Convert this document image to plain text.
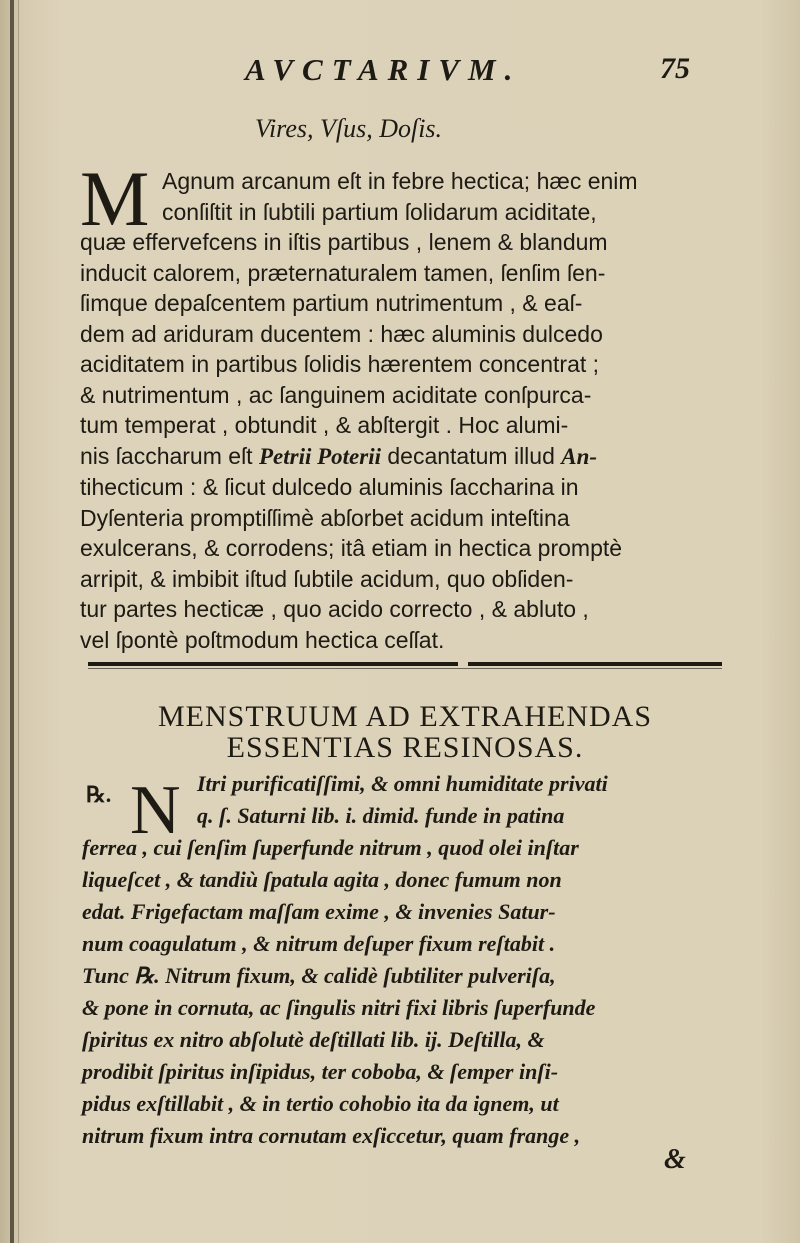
AVCTARIVM.	75
Vires, Vſus, Doſis.
M Agnum arcanum eſt in febre hectica; hæc enim
conſiſtit in ſubtili partium ſolidarum aciditate,
quæ effervefcens in iſtis partibus , lenem & blandum
inducit calorem, præternaturalem tamen, ſenſim ſen-
ſimque depaſcentem partium nutrimentum , & eaſ-
dem ad ariduram ducentem : hæc aluminis dulcedo
aciditatem in partibus ſolidis hærentem concentrat ;
& nutrimentum , ac ſanguinem aciditate conſpurca-
tum temperat , obtundit , & abſtergit . Hoc alumi-
nis ſaccharum eſt Petrii Poterii decantatum illud An-
tihecticum : & ſicut dulcedo aluminis ſaccharina in
Dyſenteria promptiſſimè abſorbet acidum inteſtina
exulcerans, & corrodens; itâ etiam in hectica promptè
arripit, & imbibit iſtud ſubtile acidum, quo obſiden-
tur partes hecticæ , quo acido correcto , & abluto ,
vel ſpontè poſtmodum hectica ceſſat.
MENSTRUUM AD EXTRAHENDAS
ESSENTIAS RESINOSAS.
℞. N Itri purificatiſſimi, & omni humiditate privati
q. ſ. Saturni lib. i. dimid. funde in patina
ferrea , cui ſenſim ſuperfunde nitrum , quod olei inſtar
liqueſcet , & tandiù ſpatula agita , donec fumum non
edat. Frigefactam maſſam exime , & invenies Satur-
num coagulatum , & nitrum deſuper fixum reſtabit .
Tunc ℞. Nitrum fixum, & calidè ſubtiliter pulveriſa,
& pone in cornuta, ac ſingulis nitri fixi libris ſuperfunde
ſpiritus ex nitro abſolutè deſtillati lib. ij. Deſtilla, &
prodibit ſpiritus inſipidus, ter coboba, & ſemper inſi-
pidus exſtillabit , & in tertio cohobio ita da ignem, ut
nitrum fixum intra cornutam exſiccetur, quam frange ,
&
